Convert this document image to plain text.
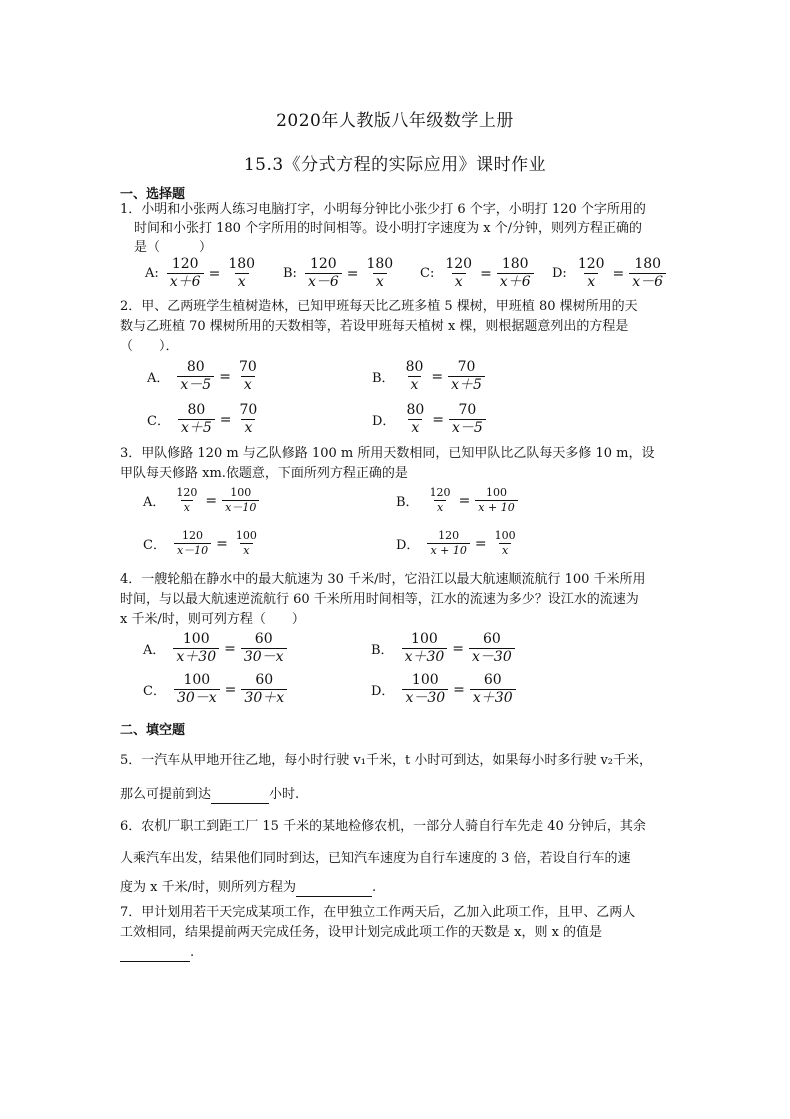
2020年人教版八年级数学上册
15.3《分式方程的实际应用》课时作业
一、选择题
1．小明和小张两人练习电脑打字，小明每分钟比小张少打 6 个字，小明打 120 个字所用的
时间和小张打 180 个字所用的时间相等。设小明打字速度为 x 个/分钟，则列方程正确的
是（　　　）
A: $\frac{120}{x+6} = \frac{180}{x} B$: $\frac{120}{x-6} = \frac{180}{x} C$: $\frac{120}{x} = \frac{180}{x+6} D$: $\frac{120}{x} = \frac{180}{x-6}$
2．甲、乙两班学生植树造林，已知甲班每天比乙班多植 5 棵树，甲班植 80 棵树所用的天
数与乙班植 70 棵树所用的天数相等，若设甲班每天植树 x 棵，则根据题意列出的方程是
（　　）．
A． $\frac{80}{x-5} = \frac{70}{x}$	B． $\frac{80}{x} = \frac{70}{x+5}$
C． $\frac{80}{x+5} = \frac{70}{x}$	D． $\frac{80}{x} = \frac{70}{x-5}$
3．甲队修路 120 m 与乙队修路 100 m 所用天数相同，已知甲队比乙队每天多修 10 m，设
甲队每天修路 xm.依题意，下面所列方程正确的是
A． $\frac{120}{x} = \frac{100}{x-10}$	B． $\frac{120}{x} = \frac{100}{x + 10}$
C． $\frac{120}{x-10} = \frac{100}{x}$	D． $\frac{120}{x + 10} = \frac{100}{x}$
4．一艘轮船在静水中的最大航速为 30 千米/时，它沿江以最大航速顺流航行 100 千米所用
时间，与以最大航速逆流航行 60 千米所用时间相等，江水的流速为多少？设江水的流速为
x 千米/时，则可列方程（　　）
A． $\frac{100}{x+30} = \frac{60}{30-x}$	B． $\frac{100}{x+30} = \frac{60}{x-30}$
C． $\frac{100}{30-x} = \frac{60}{30+x}$	D． $\frac{100}{x-30} = \frac{60}{x+30}$
二、填空题
5．一汽车从甲地开往乙地，每小时行驶 v₁千米，t 小时可到达，如果每小时多行驶 v₂千米，
那么可提前到达	小时.
6．农机厂职工到距工厂 15 千米的某地检修农机，一部分人骑自行车先走 40 分钟后，其余
人乘汽车出发，结果他们同时到达，已知汽车速度为自行车速度的 3 倍，若设自行车的速
度为 x 千米/时，则所列方程为	.
7．甲计划用若干天完成某项工作，在甲独立工作两天后，乙加入此项工作，且甲、乙两人
工效相同，结果提前两天完成任务，设甲计划完成此项工作的天数是 x，则 x 的值是
.
